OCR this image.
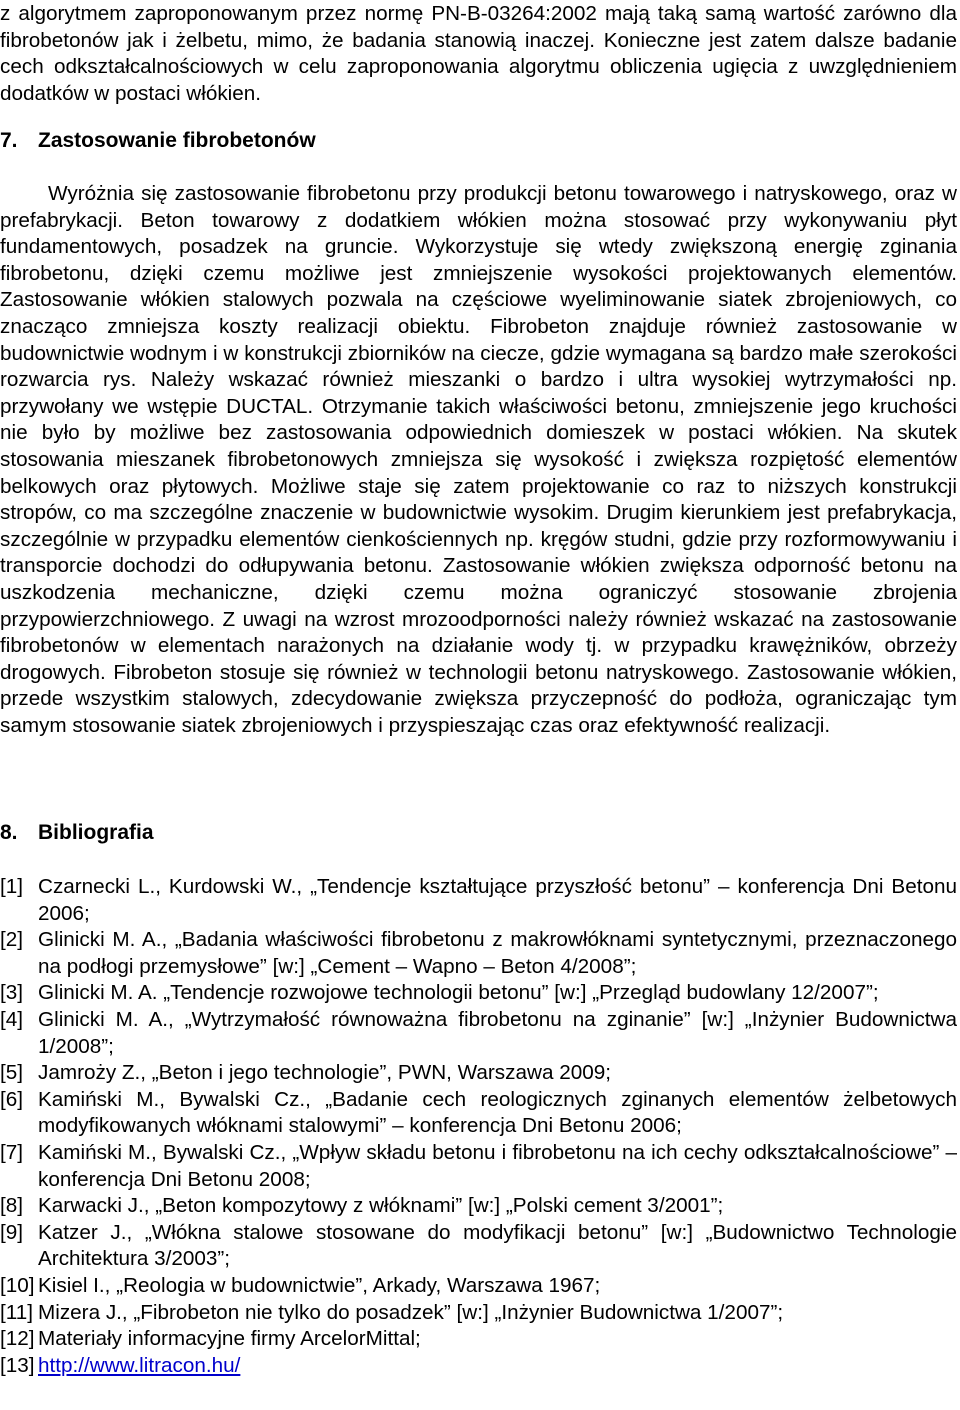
z algorytmem zaproponowanym przez normę PN-B-03264:2002 mają taką samą wartość zarówno dla fibrobetonów jak i żelbetu, mimo, że badania stanowią inaczej. Konieczne jest zatem dalsze badanie cech odkształcalnościowych w celu zaproponowania algorytmu obliczenia ugięcia z uwzględnieniem dodatków w postaci włókien.

7. Zastosowanie fibrobetonów

Wyróżnia się zastosowanie fibrobetonu przy produkcji betonu towarowego i natryskowego, oraz w prefabrykacji. Beton towarowy z dodatkiem włókien można stosować przy wykonywaniu płyt fundamentowych, posadzek na gruncie. Wykorzystuje się wtedy zwiększoną energię zginania fibrobetonu, dzięki czemu możliwe jest zmniejszenie wysokości projektowanych elementów. Zastosowanie włókien stalowych pozwala na częściowe wyeliminowanie siatek zbrojeniowych, co znacząco zmniejsza koszty realizacji obiektu. Fibrobeton znajduje również zastosowanie w budownictwie wodnym i w konstrukcji zbiorników na ciecze, gdzie wymagana są bardzo małe szerokości rozwarcia rys. Należy wskazać również mieszanki o bardzo i ultra wysokiej wytrzymałości np. przywołany we wstępie DUCTAL. Otrzymanie takich właściwości betonu, zmniejszenie jego kruchości nie było by możliwe bez zastosowania odpowiednich domieszek w postaci włókien. Na skutek stosowania mieszanek fibrobetonowych zmniejsza się wysokość i zwiększa rozpiętość elementów belkowych oraz płytowych. Możliwe staje się zatem projektowanie co raz to niższych konstrukcji stropów, co ma szczególne znaczenie w budownictwie wysokim. Drugim kierunkiem jest prefabrykacja, szczególnie w przypadku elementów cienkościennych np. kręgów studni, gdzie przy rozformowywaniu i transporcie dochodzi do odłupywania betonu. Zastosowanie włókien zwiększa odporność betonu na uszkodzenia mechaniczne, dzięki czemu można ograniczyć stosowanie zbrojenia przypowierzchniowego. Z uwagi na wzrost mrozoodporności należy również wskazać na zastosowanie fibrobetonów w elementach narażonych na działanie wody tj. w przypadku krawężników, obrzeży drogowych. Fibrobeton stosuje się również w technologii betonu natryskowego. Zastosowanie włókien, przede wszystkim stalowych, zdecydowanie zwiększa przyczepność do podłoża, ograniczając tym samym stosowanie siatek zbrojeniowych i przyspieszając czas oraz efektywność realizacji.

8. Bibliografia
[1] Czarnecki L., Kurdowski W., „Tendencje kształtujące przyszłość betonu” – konferencja Dni Betonu 2006;
[2] Glinicki M. A., „Badania właściwości fibrobetonu z makrowłóknami syntetycznymi, przeznaczonego na podłogi przemysłowe” [w:] „Cement – Wapno – Beton 4/2008”;
[3] Glinicki M. A. „Tendencje rozwojowe technologii betonu” [w:] „Przegląd budowlany 12/2007”;
[4] Glinicki M. A., „Wytrzymałość równoważna fibrobetonu na zginanie” [w:] „Inżynier Budownictwa 1/2008”;
[5] Jamroży Z., „Beton i jego technologie”, PWN, Warszawa 2009;
[6] Kamiński M., Bywalski Cz., „Badanie cech reologicznych zginanych elementów żelbetowych modyfikowanych włóknami stalowymi” – konferencja Dni Betonu 2006;
[7] Kamiński M., Bywalski Cz., „Wpływ składu betonu i fibrobetonu na ich cechy odkształcalnościowe” – konferencja Dni Betonu 2008;
[8] Karwacki J., „Beton kompozytowy z włóknami” [w:] „Polski cement 3/2001”;
[9] Katzer J., „Włókna stalowe stosowane do modyfikacji betonu” [w:] „Budownictwo Technologie Architektura 3/2003”;
[10] Kisiel I., „Reologia w budownictwie”, Arkady, Warszawa 1967;
[11] Mizera J., „Fibrobeton nie tylko do posadzek” [w:] „Inżynier Budownictwa 1/2007”;
[12] Materiały informacyjne firmy ArcelorMittal;
[13] http://www.litracon.hu/
